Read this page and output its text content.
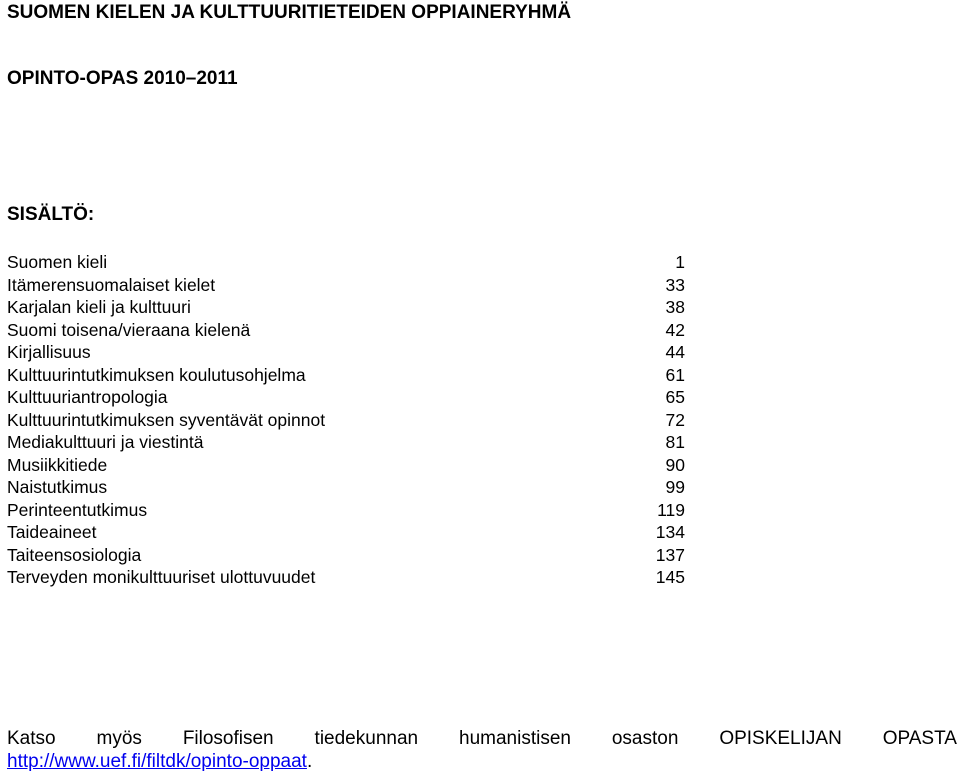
SUOMEN KIELEN JA KULTTUURITIETEIDEN OPPIAINERYHMÄ
OPINTO-OPAS 2010–2011
SISÄLTÖ:
Suomen kieli	1
Itämerensuomalaiset kielet	33
Karjalan kieli ja kulttuuri	38
Suomi toisena/vieraana kielenä	42
Kirjallisuus	44
Kulttuurintutkimuksen koulutusohjelma	61
Kulttuuriantropologia	65
Kulttuurintutkimuksen syventävät opinnot	72
Mediakulttuuri ja viestintä	81
Musiikkitiede	90
Naistutkimus	99
Perinteentutkimus	119
Taideaineet	134
Taiteensosiologia	137
Terveyden monikulttuuriset ulottuvuudet	145
Katso myös Filosofisen tiedekunnan humanistisen osaston OPISKELIJAN OPASTA
http://www.uef.fi/filtdk/opinto-oppaat.
